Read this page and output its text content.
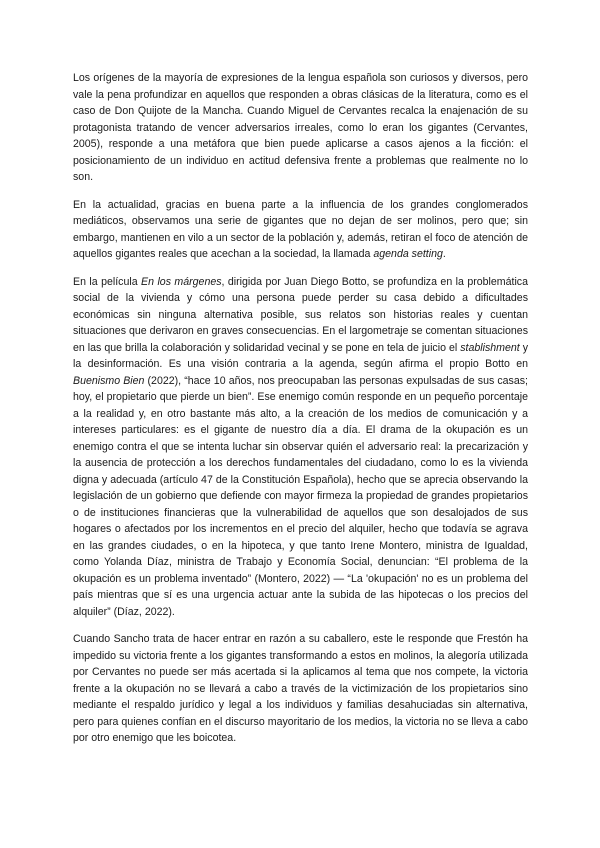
Los orígenes de la mayoría de expresiones de la lengua española son curiosos y diversos, pero vale la pena profundizar en aquellos que responden a obras clásicas de la literatura, como es el caso de Don Quijote de la Mancha. Cuando Miguel de Cervantes recalca la enajenación de su protagonista tratando de vencer adversarios irreales, como lo eran los gigantes (Cervantes, 2005), responde a una metáfora que bien puede aplicarse a casos ajenos a la ficción: el posicionamiento de un individuo en actitud defensiva frente a problemas que realmente no lo son.

En la actualidad, gracias en buena parte a la influencia de los grandes conglomerados mediáticos, observamos una serie de gigantes que no dejan de ser molinos, pero que; sin embargo, mantienen en vilo a un sector de la población y, además, retiran el foco de atención de aquellos gigantes reales que acechan a la sociedad, la llamada agenda setting.

En la película En los márgenes, dirigida por Juan Diego Botto, se profundiza en la problemática social de la vivienda y cómo una persona puede perder su casa debido a dificultades económicas sin ninguna alternativa posible, sus relatos son historias reales y cuentan situaciones que derivaron en graves consecuencias. En el largometraje se comentan situaciones en las que brilla la colaboración y solidaridad vecinal y se pone en tela de juicio el stablishment y la desinformación. Es una visión contraria a la agenda, según afirma el propio Botto en Buenismo Bien (2022), “hace 10 años, nos preocupaban las personas expulsadas de sus casas; hoy, el propietario que pierde un bien”. Ese enemigo común responde en un pequeño porcentaje a la realidad y, en otro bastante más alto, a la creación de los medios de comunicación y a intereses particulares: es el gigante de nuestro día a día. El drama de la okupación es un enemigo contra el que se intenta luchar sin observar quién el adversario real: la precarización y la ausencia de protección a los derechos fundamentales del ciudadano, como lo es la vivienda digna y adecuada (artículo 47 de la Constitución Española), hecho que se aprecia observando la legislación de un gobierno que defiende con mayor firmeza la propiedad de grandes propietarios o de instituciones financieras que la vulnerabilidad de aquellos que son desalojados de sus hogares o afectados por los incrementos en el precio del alquiler, hecho que todavía se agrava en las grandes ciudades, o en la hipoteca, y que tanto Irene Montero, ministra de Igualdad, como Yolanda Díaz, ministra de Trabajo y Economía Social, denuncian: “El problema de la okupación es un problema inventado” (Montero, 2022) — “La 'okupación' no es un problema del país mientras que sí es una urgencia actuar ante la subida de las hipotecas o los precios del alquiler” (Díaz, 2022).

Cuando Sancho trata de hacer entrar en razón a su caballero, este le responde que Frestón ha impedido su victoria frente a los gigantes transformando a estos en molinos, la alegoría utilizada por Cervantes no puede ser más acertada si la aplicamos al tema que nos compete, la victoria frente a la okupación no se llevará a cabo a través de la victimización de los propietarios sino mediante el respaldo jurídico y legal a los individuos y familias desahuciadas sin alternativa, pero para quienes confían en el discurso mayoritario de los medios, la victoria no se lleva a cabo por otro enemigo que les boicotea.
